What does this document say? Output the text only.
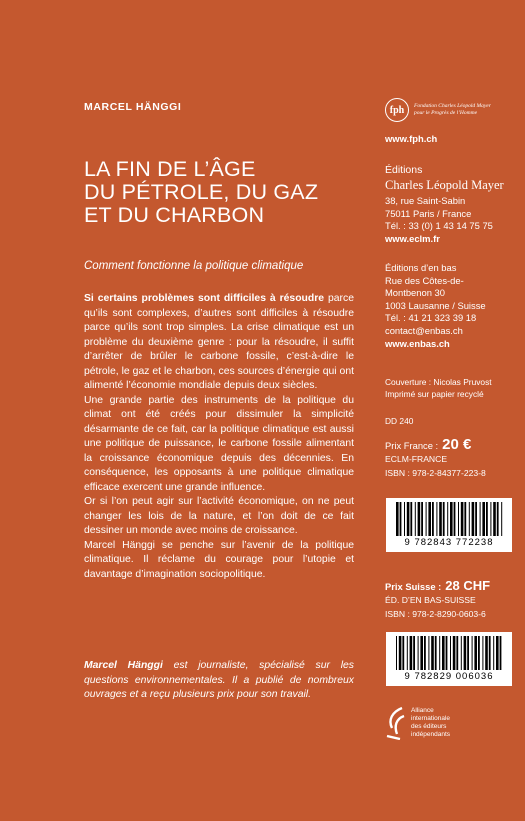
MARCEL HÄNGGI
LA FIN DE L’ÂGE
DU PÉTROLE, DU GAZ
ET DU CHARBON
Comment fonctionne la politique climatique

Si certains problèmes sont difficiles à résoudre parce qu’ils sont complexes, d’autres sont difficiles à résoudre parce qu’ils sont trop simples. La crise climatique est un problème du deuxième genre : pour la résoudre, il suffit d’arrêter de brûler le carbone fossile, c’est-à-dire le pétrole, le gaz et le charbon, ces sources d’énergie qui ont alimenté l’économie mondiale depuis deux siècles.

Une grande partie des instruments de la politique du climat ont été créés pour dissimuler la simplicité désarmante de ce fait, car la politique climatique est aussi une politique de puissance, le carbone fossile alimentant la croissance économique depuis des décennies. En conséquence, les opposants à une politique climatique efficace exercent une grande influence.

Or si l’on peut agir sur l’activité économique, on ne peut changer les lois de la nature, et l’on doit de ce fait dessiner un monde avec moins de croissance.

Marcel Hänggi se penche sur l’avenir de la politique climatique. Il réclame du courage pour l’utopie et davantage d’imagination sociopolitique.

Marcel Hänggi est journaliste, spécialisé sur les questions environnementales. Il a publié de nombreux ouvrages et a reçu plusieurs prix pour son travail.
fph	Fondation Charles Léopold Mayer pour le Progrès de l’Homme
www.fph.ch
Éditions
Charles Léopold Mayer
38, rue Saint-Sabin
75011 Paris / France
Tél. : 33 (0) 1 43 14 75 75
www.eclm.fr
Éditions d’en bas
Rue des Côtes-de-
Montbenon 30
1003 Lausanne / Suisse
Tél. : 41 21 323 39 18
contact@enbas.ch
www.enbas.ch
Couverture : Nicolas Pruvost
Imprimé sur papier recyclé
DD 240
Prix France : 20 €
ECLM-FRANCE
ISBN : 978-2-84377-223-8
9 782843 772238
Prix Suisse : 28 CHF
ÉD. D’EN BAS-SUISSE
ISBN : 978-2-8290-0603-6
9 782829 006036
Alliance
internationale
des éditeurs
indépendants
